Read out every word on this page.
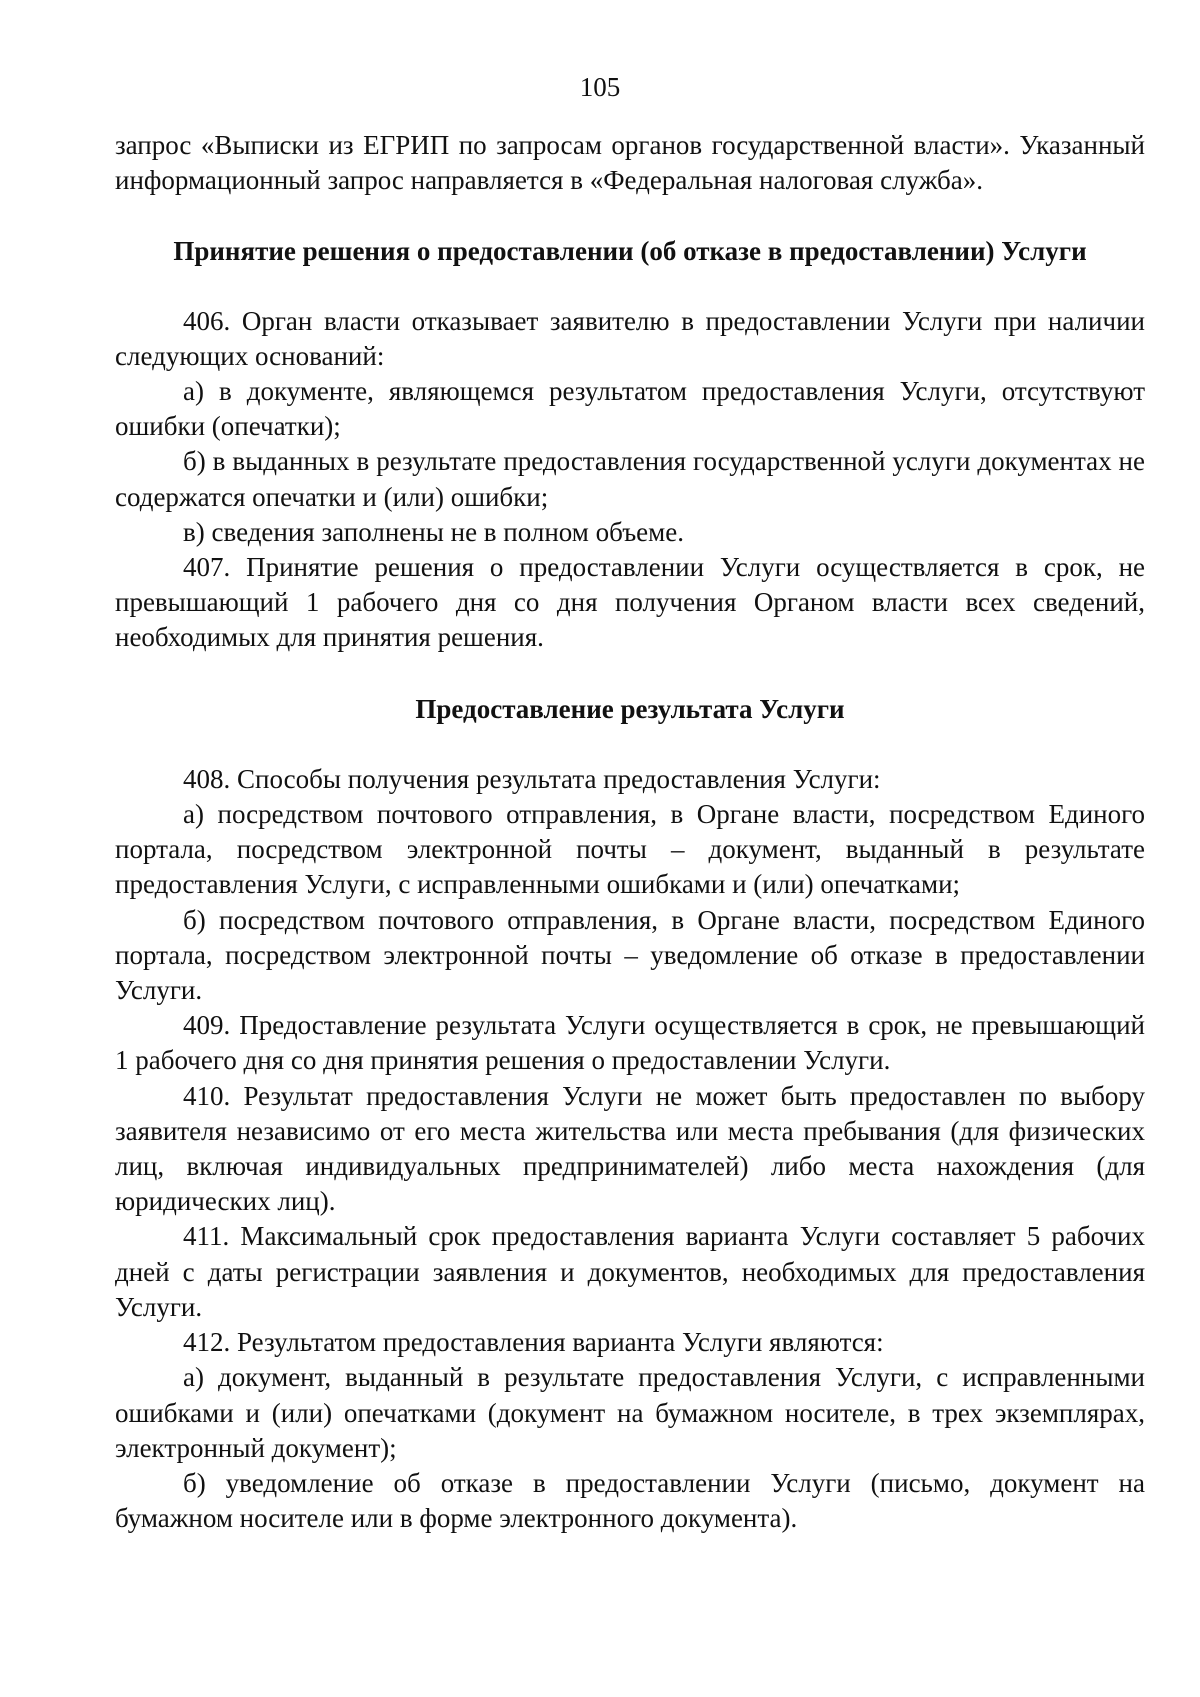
105

запрос «Выписки из ЕГРИП по запросам органов государственной власти». Указанный информационный запрос направляется в «Федеральная налоговая служба».

Принятие решения о предоставлении (об отказе в предоставлении) Услуги

406. Орган власти отказывает заявителю в предоставлении Услуги при наличии следующих оснований:

а) в документе, являющемся результатом предоставления Услуги, отсутствуют ошибки (опечатки);

б) в выданных в результате предоставления государственной услуги документах не содержатся опечатки и (или) ошибки;

в) сведения заполнены не в полном объеме.

407. Принятие решения о предоставлении Услуги осуществляется в срок, не превышающий 1 рабочего дня со дня получения Органом власти всех сведений, необходимых для принятия решения.

Предоставление результата Услуги

408. Способы получения результата предоставления Услуги:

а) посредством почтового отправления, в Органе власти, посредством Единого портала, посредством электронной почты – документ, выданный в результате предоставления Услуги, с исправленными ошибками и (или) опечатками;

б) посредством почтового отправления, в Органе власти, посредством Единого портала, посредством электронной почты – уведомление об отказе в предоставлении Услуги.

409. Предоставление результата Услуги осуществляется в срок, не превышающий 1 рабочего дня со дня принятия решения о предоставлении Услуги.

410. Результат предоставления Услуги не может быть предоставлен по выбору заявителя независимо от его места жительства или места пребывания (для физических лиц, включая индивидуальных предпринимателей) либо места нахождения (для юридических лиц).

411. Максимальный срок предоставления варианта Услуги составляет 5 рабочих дней с даты регистрации заявления и документов, необходимых для предоставления Услуги.

412. Результатом предоставления варианта Услуги являются:

а) документ, выданный в результате предоставления Услуги, с исправленными ошибками и (или) опечатками (документ на бумажном носителе, в трех экземплярах, электронный документ);

б) уведомление об отказе в предоставлении Услуги (письмо, документ на бумажном носителе или в форме электронного документа).
